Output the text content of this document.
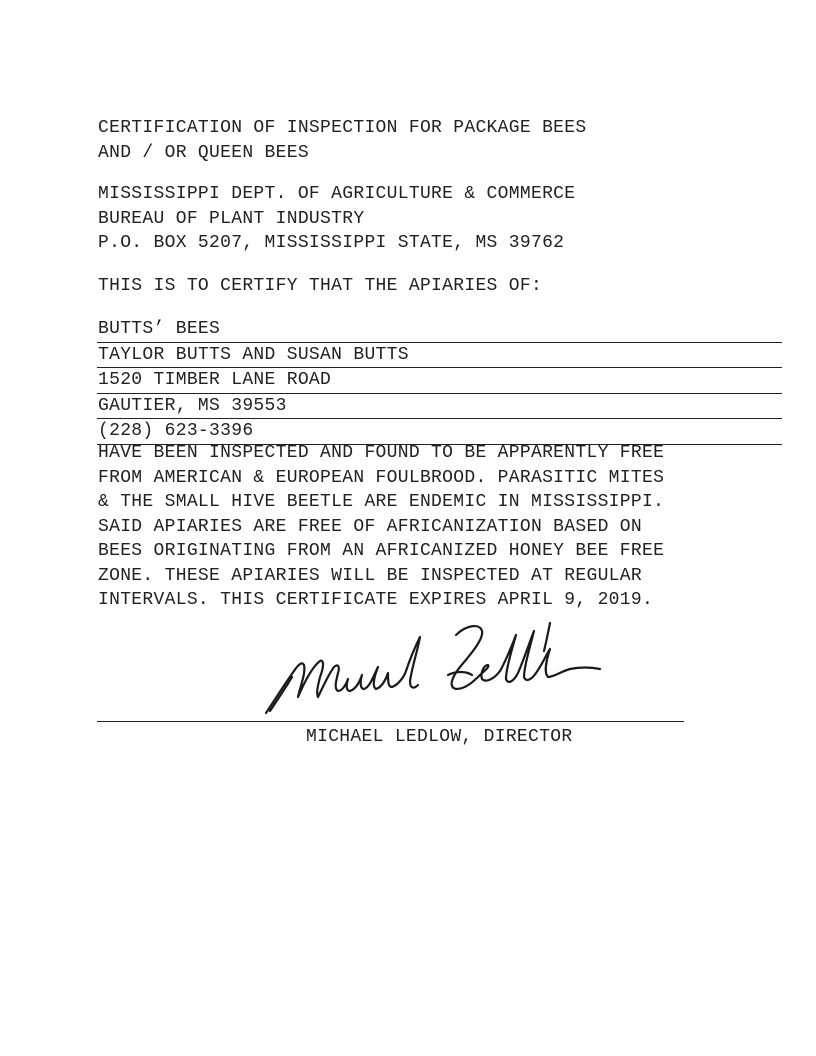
CERTIFICATION OF INSPECTION FOR PACKAGE BEES
AND / OR QUEEN BEES
MISSISSIPPI DEPT. OF AGRICULTURE & COMMERCE
BUREAU OF PLANT INDUSTRY
P.O. BOX 5207, MISSISSIPPI STATE, MS 39762
THIS IS TO CERTIFY THAT THE APIARIES OF:
BUTTS’ BEES
TAYLOR BUTTS AND SUSAN BUTTS
1520 TIMBER LANE ROAD
GAUTIER, MS 39553
(228) 623-3396
HAVE BEEN INSPECTED AND FOUND TO BE APPARENTLY FREE
FROM AMERICAN & EUROPEAN FOULBROOD. PARASITIC MITES
& THE SMALL HIVE BEETLE ARE ENDEMIC IN MISSISSIPPI.
SAID APIARIES ARE FREE OF AFRICANIZATION BASED ON
BEES ORIGINATING FROM AN AFRICANIZED HONEY BEE FREE
ZONE. THESE APIARIES WILL BE INSPECTED AT REGULAR
INTERVALS. THIS CERTIFICATE EXPIRES APRIL 9, 2019.
MICHAEL LEDLOW, DIRECTOR
